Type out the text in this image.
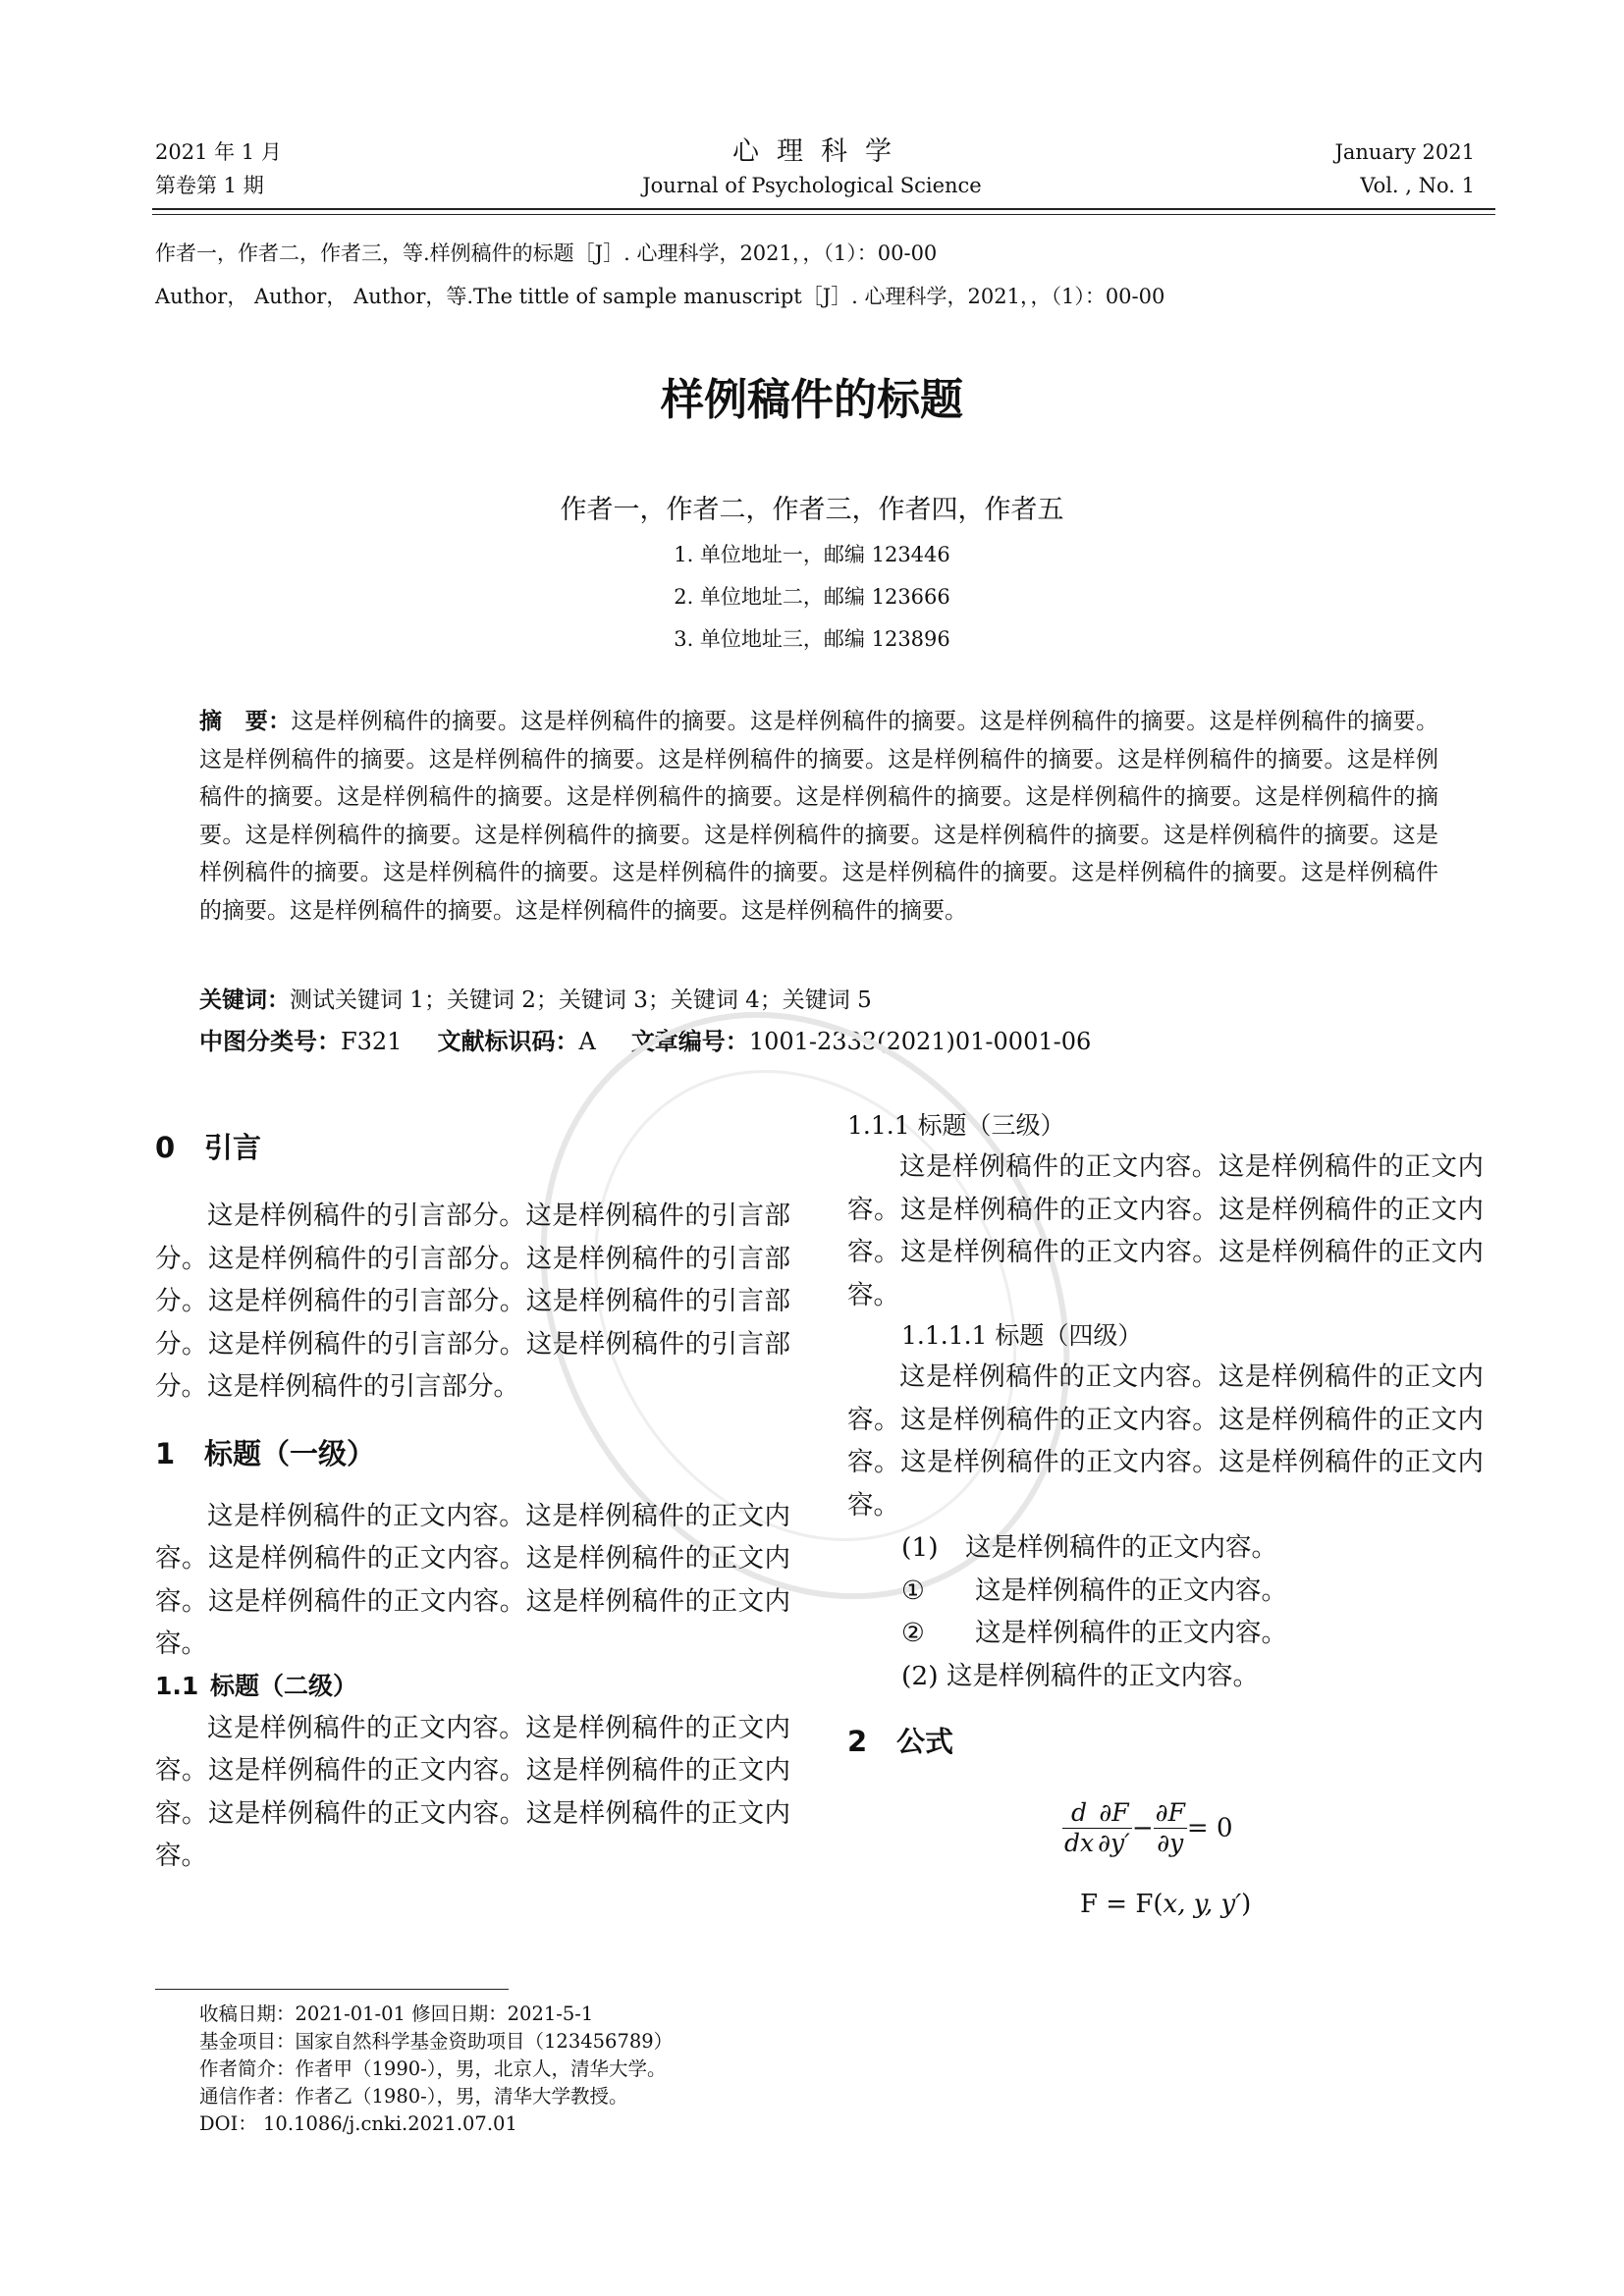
2021 年 1 月
第卷第 1 期
心理科学
Journal of Psychological Science
January 2021
Vol. , No. 1
作者一，作者二，作者三，等.样例稿件的标题［J］. 心理科学，2021，，（1）：00-00
Author， Author， Author，等.The tittle of sample manuscript［J］. 心理科学，2021，，（1）：00-00
样例稿件的标题
作者一，作者二，作者三，作者四，作者五
1. 单位地址一，邮编 123446
2. 单位地址二，邮编 123666
3. 单位地址三，邮编 123896
摘　要：这是样例稿件的摘要。这是样例稿件的摘要。这是样例稿件的摘要。这是样例稿件的摘要。这是样例稿件的摘要。这是样例稿件的摘要。这是样例稿件的摘要。这是样例稿件的摘要。这是样例稿件的摘要。这是样例稿件的摘要。这是样例稿件的摘要。这是样例稿件的摘要。这是样例稿件的摘要。这是样例稿件的摘要。这是样例稿件的摘要。这是样例稿件的摘要。这是样例稿件的摘要。这是样例稿件的摘要。这是样例稿件的摘要。这是样例稿件的摘要。这是样例稿件的摘要。这是样例稿件的摘要。这是样例稿件的摘要。这是样例稿件的摘要。这是样例稿件的摘要。这是样例稿件的摘要。这是样例稿件的摘要。这是样例稿件的摘要。这是样例稿件的摘要。这是样例稿件的摘要。
关键词：测试关键词 1；关键词 2；关键词 3；关键词 4；关键词 5
中图分类号：F321 文献标识码：A 文章编号：1001-2333(2021)01-0001-06
0 引言

这是样例稿件的引言部分。这是样例稿件的引言部分。这是样例稿件的引言部分。这是样例稿件的引言部分。这是样例稿件的引言部分。这是样例稿件的引言部分。这是样例稿件的引言部分。这是样例稿件的引言部分。这是样例稿件的引言部分。

1 标题（一级）

这是样例稿件的正文内容。这是样例稿件的正文内容。这是样例稿件的正文内容。这是样例稿件的正文内容。这是样例稿件的正文内容。这是样例稿件的正文内容。

1.1 标题（二级）

这是样例稿件的正文内容。这是样例稿件的正文内容。这是样例稿件的正文内容。这是样例稿件的正文内容。这是样例稿件的正文内容。这是样例稿件的正文内容。

1.1.1 标题（三级）

这是样例稿件的正文内容。这是样例稿件的正文内容。这是样例稿件的正文内容。这是样例稿件的正文内容。这是样例稿件的正文内容。这是样例稿件的正文内容。

1.1.1.1 标题（四级）

这是样例稿件的正文内容。这是样例稿件的正文内容。这是样例稿件的正文内容。这是样例稿件的正文内容。这是样例稿件的正文内容。这是样例稿件的正文内容。

(1) 这是样例稿件的正文内容。
① 这是样例稿件的正文内容。
② 这是样例稿件的正文内容。
(2) 这是样例稿件的正文内容。
2 公式
$\frac{d}{dx} \frac{\partial F}{\partial y'} - \frac{\partial F}{\partial y} = 0$
F = F(x, y, y′)
收稿日期：2021-01-01 修回日期：2021-5-1
基金项目：国家自然科学基金资助项目（123456789）
作者简介：作者甲（1990-），男，北京人，清华大学。
通信作者：作者乙（1980-），男，清华大学教授。
DOI： 10.1086/j.cnki.2021.07.01
